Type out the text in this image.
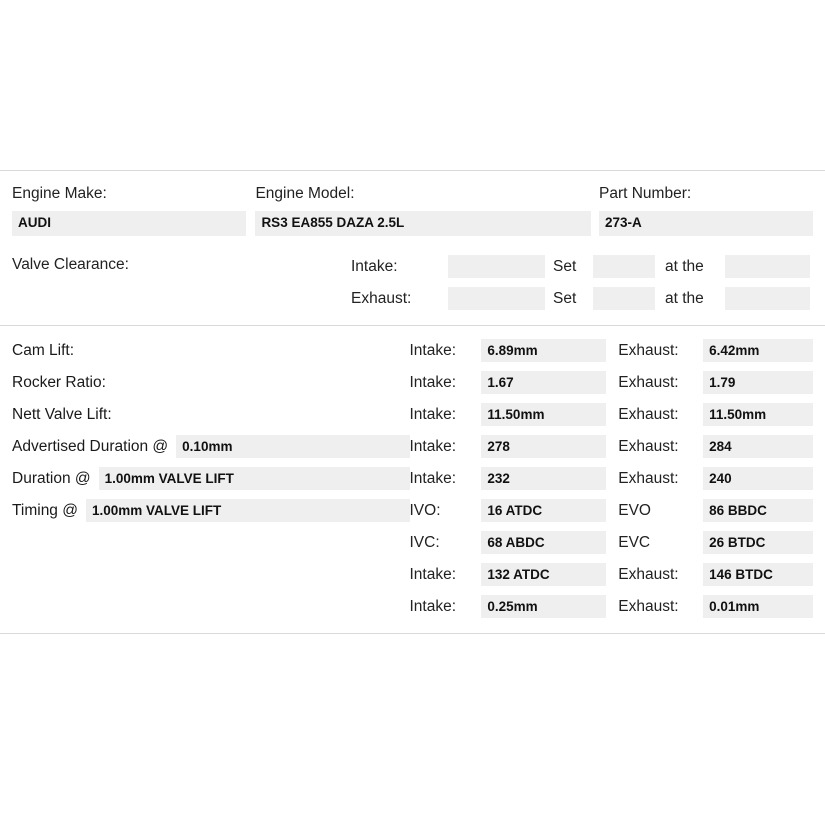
Engine Make:
AUDI
Engine Model:
RS3 EA855 DAZA 2.5L
Part Number:
273-A
Valve Clearance:	Intake:	Set	at the
Exhaust:	Set	at the
Cam Lift:	Intake:	6.89mm	Exhaust:	6.42mm
Rocker Ratio:	Intake:	1.67	Exhaust:	1.79
Nett Valve Lift:	Intake:	11.50mm	Exhaust:	11.50mm
Advertised Duration @	0.10mm	Intake:	278	Exhaust:	284
Duration @	1.00mm VALVE LIFT	Intake:	232	Exhaust:	240
Timing @	1.00mm VALVE LIFT	IVO:	16 ATDC	EVO	86 BBDC
IVC:	68 ABDC	EVC	26 BTDC
Intake:	132 ATDC	Exhaust:	146 BTDC
Intake:	0.25mm	Exhaust:	0.01mm
